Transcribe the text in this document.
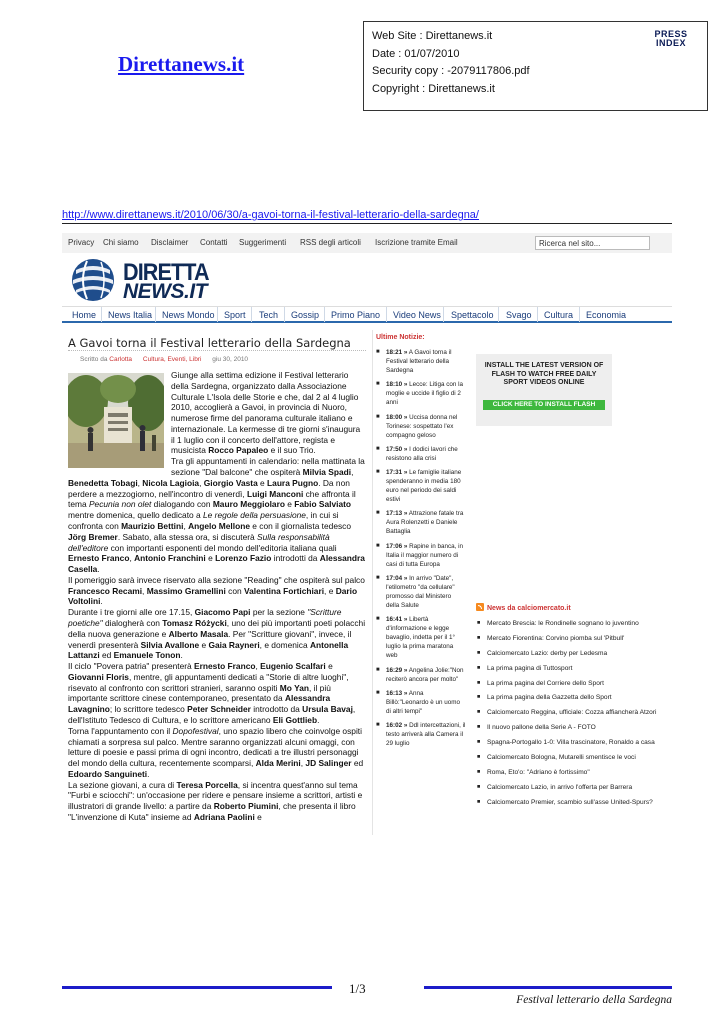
Direttanews.it
Web Site : Direttanews.it
Date : 01/07/2010
Security copy : -2079117806.pdf
Copyright : Direttanews.it
PRESS
INDEX
http://www.direttanews.it/2010/06/30/a-gavoi-torna-il-festival-letterario-della-sardegna/
Privacy Chi siamo Disclaimer Contatti Suggerimenti RSS degli articoli Iscrizione tramite Email	Ricerca nel sito...
DIRETTA
NEWS.IT
Home	News Italia	News Mondo	Sport	Tech	Gossip	Primo Piano	Video News	Spettacolo	Svago	Cultura	Economia
A Gavoi torna il Festival letterario della Sardegna
Scritto da Carlotta Cultura, Eventi, Libri giu 30, 2010

Giunge alla settima edizione il Festival letterario della Sardegna, organizzato dalla Associazione Culturale L'Isola delle Storie e che, dal 2 al 4 luglio 2010, accoglierà a Gavoi, in provincia di Nuoro, numerose firme del panorama culturale italiano e internazionale. La kermesse di tre giorni s'inaugura il 1 luglio con il concerto dell'attore, regista e musicista Rocco Papaleo e il suo Trio.
Tra gli appuntamenti in calendario: nella mattinata la sezione "Dal balcone" che ospiterà Milvia Spadi, Benedetta Tobagi, Nicola Lagioia, Giorgio Vasta e Laura Pugno. Da non perdere a mezzogiorno, nell'incontro di venerdì, Luigi Manconi che affronta il tema Pecunia non olet dialogando con Mauro Meggiolaro e Fabio Salviato mentre domenica, quello dedicato a Le regole della persuasione, in cui si confronta con Maurizio Bettini, Angelo Mellone e con il giornalista tedesco Jörg Bremer. Sabato, alla stessa ora, si discuterà Sulla responsabilità dell'editore con importanti esponenti del mondo dell'editoria italiana quali Ernesto Franco, Antonio Franchini e Lorenzo Fazio introdotti da Alessandra Casella.
Il pomeriggio sarà invece riservato alla sezione "Reading" che ospiterà sul palco Francesco Recami, Massimo Gramellini con Valentina Fortichiari, e Dario Voltolini.
Durante i tre giorni alle ore 17.15, Giacomo Papi per la sezione "Scritture poetiche" dialogherà con Tomasz Różycki, uno dei più importanti poeti polacchi della nuova generazione e Alberto Masala. Per "Scritture giovani", invece, il venerdì presenterà Silvia Avallone e Gaia Rayneri, e domenica Antonella Lattanzi ed Emanuele Tonon.
Il ciclo "Povera patria" presenterà Ernesto Franco, Eugenio Scalfari e Giovanni Floris, mentre, gli appuntamenti dedicati a "Storie di altre luoghi", risevato al confronto con scrittori stranieri, saranno ospiti Mo Yan, il più importante scrittore cinese contemporaneo, presentato da Alessandra Lavagnino; lo scrittore tedesco Peter Schneider introdotto da Ursula Bavaj, dell'Istituto Tedesco di Cultura, e lo scrittore americano Eli Gottlieb.
Torna l'appuntamento con il Dopofestival, uno spazio libero che coinvolge ospiti chiamati a sorpresa sul palco. Mentre saranno organizzati alcuni omaggi, con letture di poesie e passi prima di ogni incontro, dedicati a tre illustri personaggi del mondo della cultura, recentemente scomparsi, Alda Merini, JD Salinger ed Edoardo Sanguineti.
La sezione giovani, a cura di Teresa Porcella, si incentra quest'anno sul tema "Furbi e sciocchi": un'occasione per ridere e pensare insieme a scrittori, artisti e illustratori di grande livello: a partire da Roberto Piumini, che presenta il libro "L'invenzione di Kuta" insieme ad Adriana Paolini e

Ultime Notizie:
■ 18:21 » A Gavoi torna il Festival letterario della Sardegna
■ 18:10 » Lecce: Litiga con la moglie e uccide il figlio di 2 anni
■ 18:00 » Uccisa donna nel Torinese: sospettato l'ex compagno geloso
■ 17:50 » I dodici lavori che resistono alla crisi
■ 17:31 » Le famiglie italiane spenderanno in media 180 euro nel periodo dei saldi estivi
■ 17:13 » Attrazione fatale tra Aura Rolenzetti e Daniele Battaglia
■ 17:06 » Rapine in banca, in Italia il maggior numero di casi di tutta Europa
■ 17:04 » In arrivo "Date", l'etilometro "da cellulare" promosso dal Ministero della Salute
■ 16:41 » Libertà d'informazione e legge bavaglio, indetta per il 1° luglio la prima maratona web
■ 16:29 » Angelina Jolie:"Non reciterò ancora per molto"
■ 16:13 » Anna Billò:"Leonardo è un uomo di altri tempi"
■ 16:02 » Ddl intercettazioni, il testo arriverà alla Camera il 29 luglio
INSTALL THE LATEST VERSION OF FLASH TO WATCH FREE DAILY SPORT VIDEOS ONLINE
CLICK HERE TO INSTALL FLASH
News da calciomercato.it
■ Mercato Brescia: le Rondinelle sognano lo juventino
■ Mercato Fiorentina: Corvino piomba sul 'Pitbull'
■ Calciomercato Lazio: derby per Ledesma
■ La prima pagina di Tuttosport
■ La prima pagina del Corriere dello Sport
■ La prima pagina della Gazzetta dello Sport
■ Calciomercato Reggina, ufficiale: Cozza affiancherà Atzori
■ Il nuovo pallone della Serie A - FOTO
■ Spagna-Portogallo 1-0: Villa trascinatore, Ronaldo a casa
■ Calciomercato Bologna, Mutarelli smentisce le voci
■ Roma, Eto'o: "Adriano è fortissimo"
■ Calciomercato Lazio, in arrivo l'offerta per Barrera
■ Calciomercato Premier, scambio sull'asse United-Spurs?
1/3
Festival letterario della Sardegna
